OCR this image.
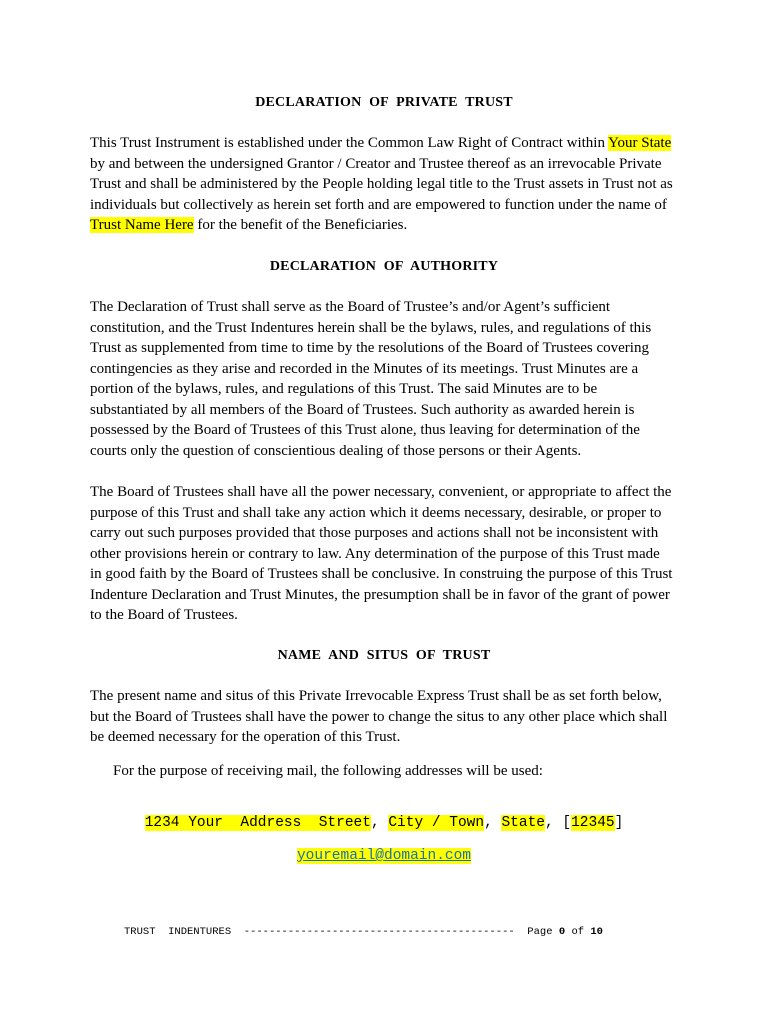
DECLARATION OF PRIVATE TRUST
This Trust Instrument is established under the Common Law Right of Contract within Your State
by and between the undersigned Grantor / Creator and Trustee thereof as an irrevocable Private
Trust and shall be administered by the People holding legal title to the Trust assets in Trust not as
individuals but collectively as herein set forth and are empowered to function under the name of
Trust Name Here for the benefit of the Beneficiaries.
DECLARATION OF AUTHORITY
The Declaration of Trust shall serve as the Board of Trustee’s and/or Agent’s sufficient
constitution, and the Trust Indentures herein shall be the bylaws, rules, and regulations of this
Trust as supplemented from time to time by the resolutions of the Board of Trustees covering
contingencies as they arise and recorded in the Minutes of its meetings. Trust Minutes are a
portion of the bylaws, rules, and regulations of this Trust. The said Minutes are to be
substantiated by all members of the Board of Trustees. Such authority as awarded herein is
possessed by the Board of Trustees of this Trust alone, thus leaving for determination of the
courts only the question of conscientious dealing of those persons or their Agents.
The Board of Trustees shall have all the power necessary, convenient, or appropriate to affect the
purpose of this Trust and shall take any action which it deems necessary, desirable, or proper to
carry out such purposes provided that those purposes and actions shall not be inconsistent with
other provisions herein or contrary to law. Any determination of the purpose of this Trust made
in good faith by the Board of Trustees shall be conclusive. In construing the purpose of this Trust
Indenture Declaration and Trust Minutes, the presumption shall be in favor of the grant of power
to the Board of Trustees.
NAME AND SITUS OF TRUST
The present name and situs of this Private Irrevocable Express Trust shall be as set forth below,
but the Board of Trustees shall have the power to change the situs to any other place which shall
be deemed necessary for the operation of this Trust.
For the purpose of receiving mail, the following addresses will be used:
1234 Your  Address  Street, City / Town, State, [12345]
youremail@domain.com
TRUST  INDENTURES ------------------------------------------- Page 0 of 10
